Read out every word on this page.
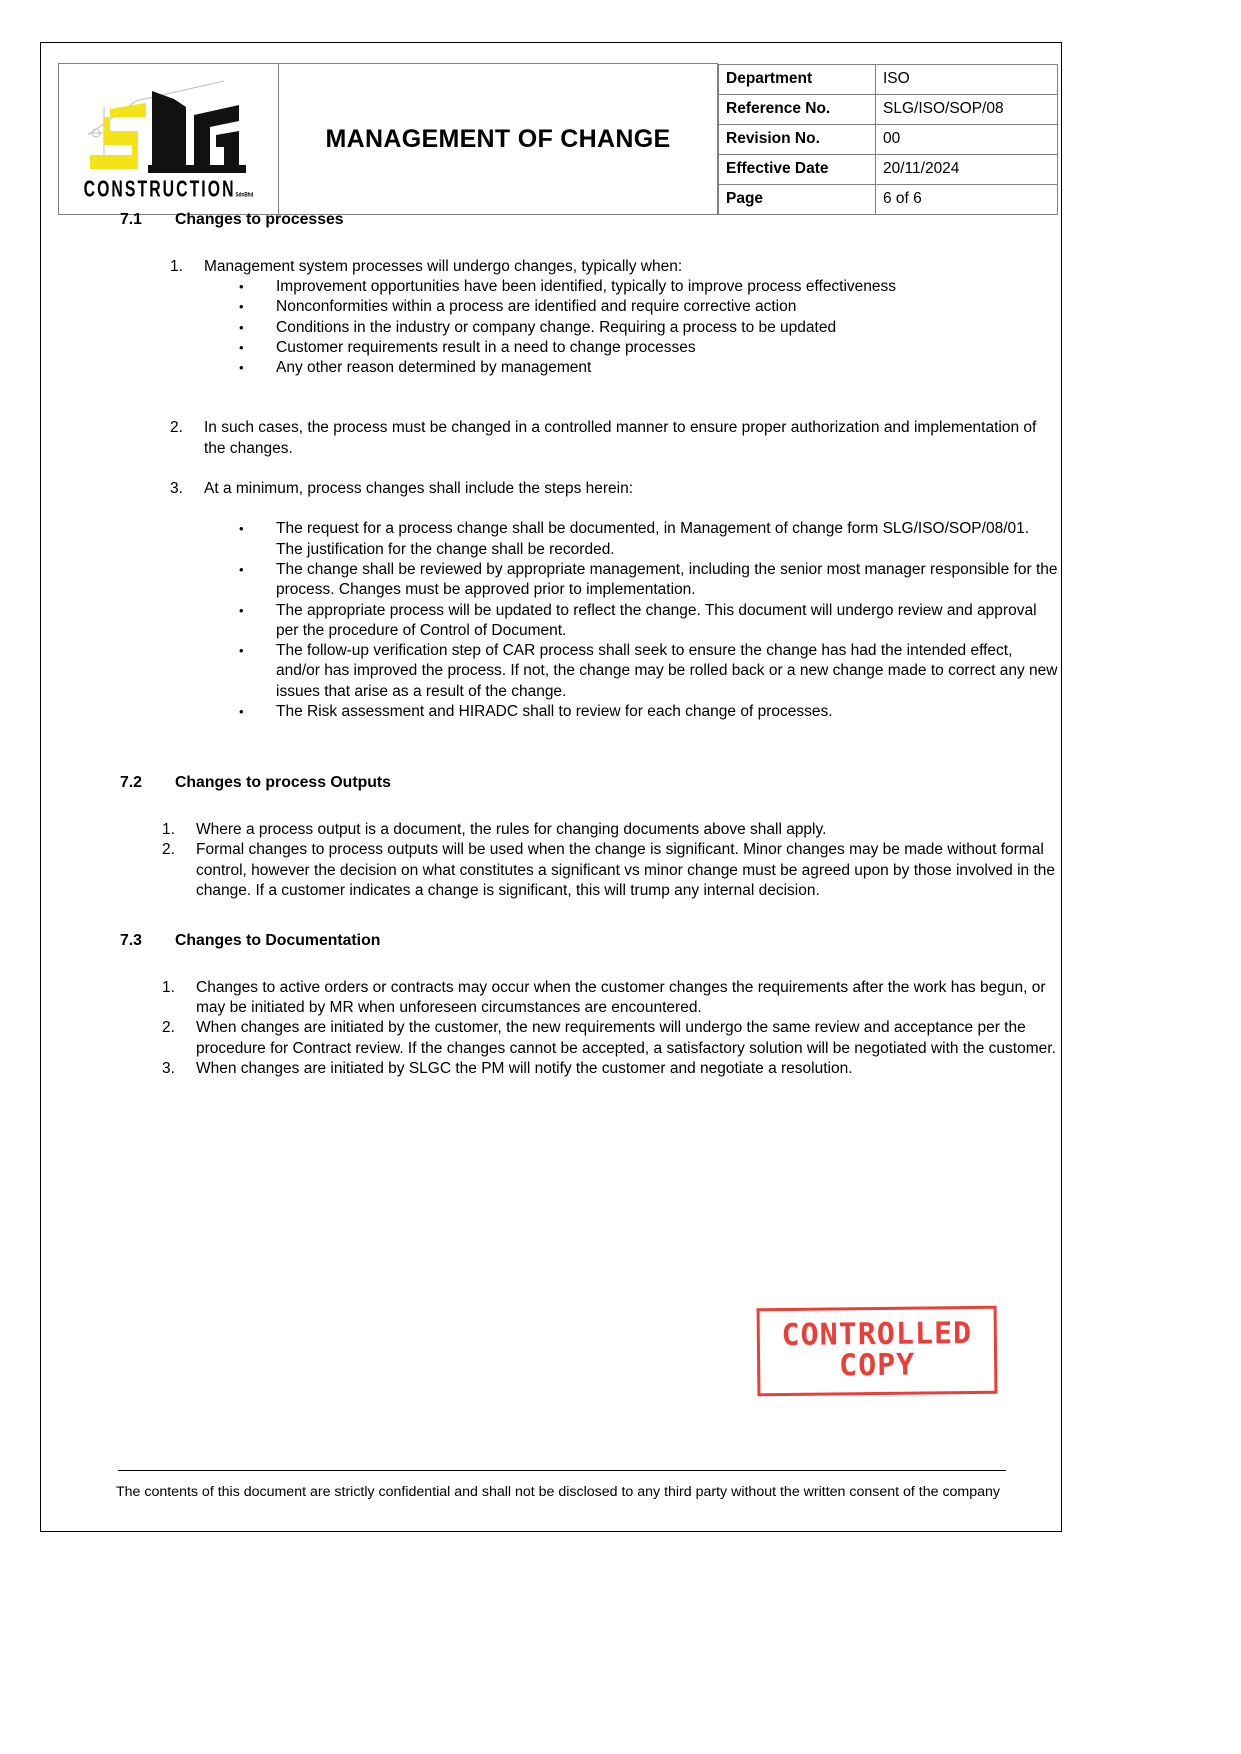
CONSTRUCTIONSdnBhd
	MANAGEMENT OF CHANGE	
Department	ISO
Reference No.	SLG/ISO/SOP/08
Revision No.	00
Effective Date	20/11/2024
Page	6 of 6
7.1	Changes to processes
1.	Management system processes will undergo changes, typically when:
•	Improvement opportunities have been identified, typically to improve process effectiveness
•	Nonconformities within a process are identified and require corrective action
•	Conditions in the industry or company change. Requiring a process to be updated
•	Customer requirements result in a need to change processes
•	Any other reason determined by management
2.	In such cases, the process must be changed in a controlled manner to ensure proper authorization and implementation of the changes.
3.	At a minimum, process changes shall include the steps herein:
•	The request for a process change shall be documented, in Management of change form SLG/ISO/SOP/08/01. The justification for the change shall be recorded.
•	The change shall be reviewed by appropriate management, including the senior most manager responsible for the process. Changes must be approved prior to implementation.
•	The appropriate process will be updated to reflect the change. This document will undergo review and approval per the procedure of Control of Document.
•	The follow-up verification step of CAR process shall seek to ensure the change has had the intended effect, and/or has improved the process. If not, the change may be rolled back or a new change made to correct any new issues that arise as a result of the change.
•	The Risk assessment and HIRADC shall to review for each change of processes.
7.2	Changes to process Outputs
1.	Where a process output is a document, the rules for changing documents above shall apply.
2.	Formal changes to process outputs will be used when the change is significant. Minor changes may be made without formal control, however the decision on what constitutes a significant vs minor change must be agreed upon by those involved in the change. If a customer indicates a change is significant, this will trump any internal decision.
7.3	Changes to Documentation
1.	Changes to active orders or contracts may occur when the customer changes the requirements after the work has begun, or may be initiated by MR when unforeseen circumstances are encountered.
2.	When changes are initiated by the customer, the new requirements will undergo the same review and acceptance per the procedure for Contract review. If the changes cannot be accepted, a satisfactory solution will be negotiated with the customer.
3.	When changes are initiated by SLGC the PM will notify the customer and negotiate a resolution.
CONTROLLED
COPY
The contents of this document are strictly confidential and shall not be disclosed to any third party without the written consent of the company
